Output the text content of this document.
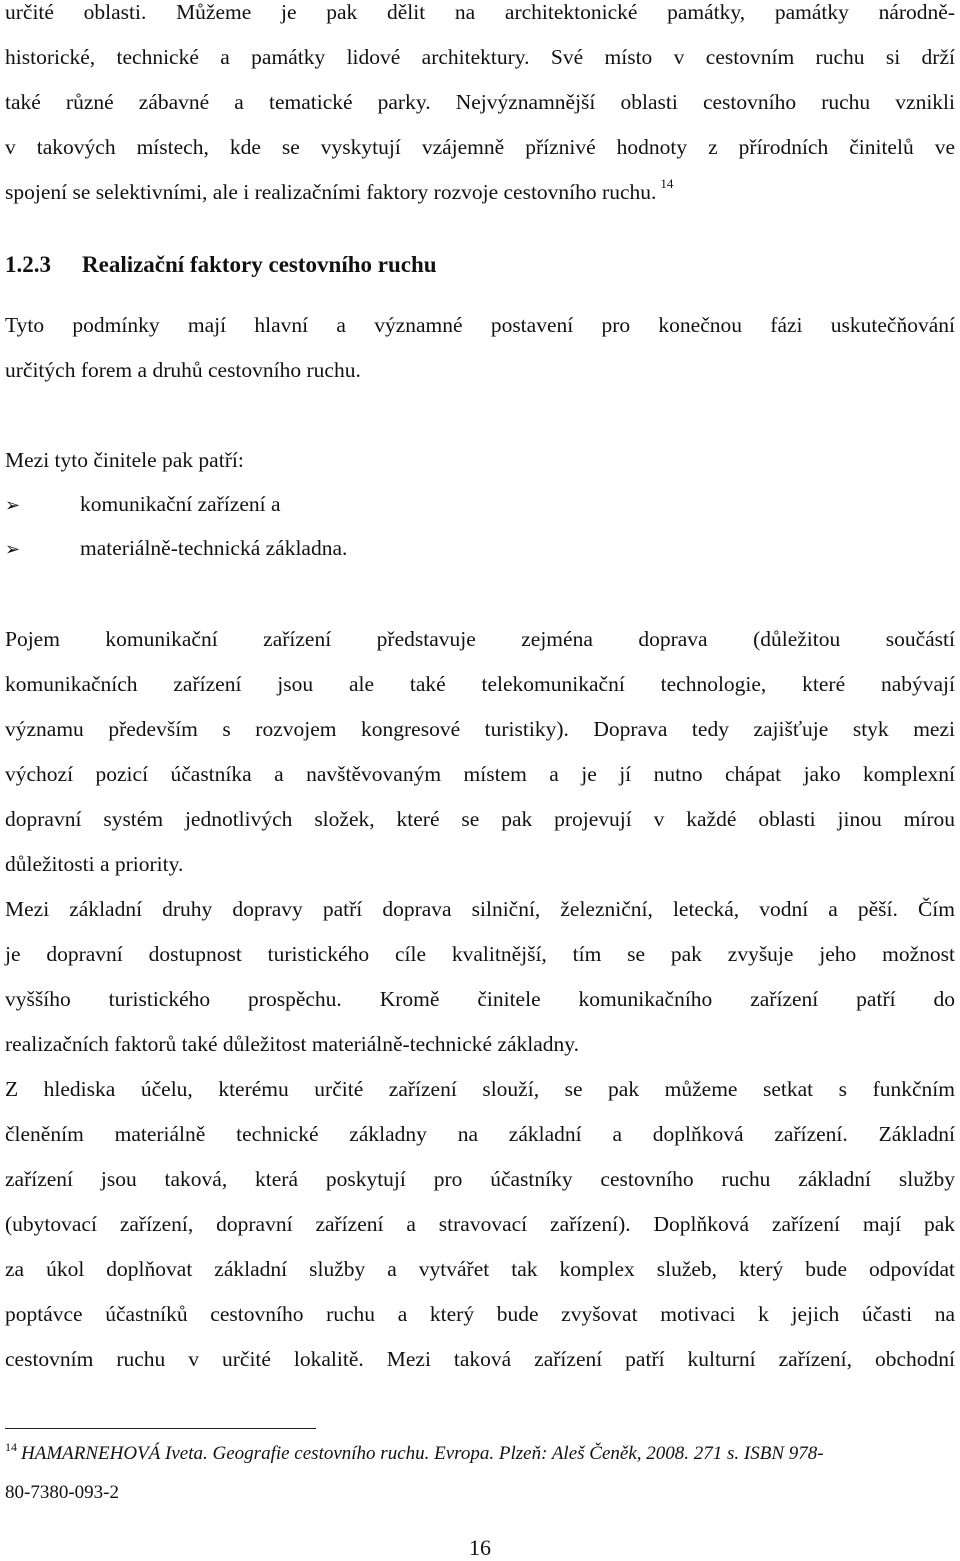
určité oblasti. Můžeme je pak dělit na architektonické památky, památky národně-
historické, technické a památky lidové architektury. Své místo v cestovním ruchu si drží
také různé zábavné a tematické parky. Nejvýznamnější oblasti cestovního ruchu vznikli
v takových místech, kde se vyskytují vzájemně příznivé hodnoty z přírodních činitelů ve
spojení se selektivními, ale i realizačními faktory rozvoje cestovního ruchu. $^{14}$
1.2.3 Realizační faktory cestovního ruchu
Tyto podmínky mají hlavní a významné postavení pro konečnou fázi uskutečňování
určitých forem a druhů cestovního ruchu.
Mezi tyto činitele pak patří:
➢	komunikační zařízení a
➢	materiálně-technická základna.
Pojem komunikační zařízení představuje zejména doprava (důležitou součástí
komunikačních zařízení jsou ale také telekomunikační technologie, které nabývají
významu především s rozvojem kongresové turistiky). Doprava tedy zajišťuje styk mezi
výchozí pozicí účastníka a navštěvovaným místem a je jí nutno chápat jako komplexní
dopravní systém jednotlivých složek, které se pak projevují v každé oblasti jinou mírou
důležitosti a priority.
Mezi základní druhy dopravy patří doprava silniční, železniční, letecká, vodní a pěší. Čím
je dopravní dostupnost turistického cíle kvalitnější, tím se pak zvyšuje jeho možnost
vyššího turistického prospěchu. Kromě činitele komunikačního zařízení patří do
realizačních faktorů také důležitost materiálně-technické základny.
Z hlediska účelu, kterému určité zařízení slouží, se pak můžeme setkat s funkčním
členěním materiálně technické základny na základní a doplňková zařízení. Základní
zařízení jsou taková, která poskytují pro účastníky cestovního ruchu základní služby
(ubytovací zařízení, dopravní zařízení a stravovací zařízení). Doplňková zařízení mají pak
za úkol doplňovat základní služby a vytvářet tak komplex služeb, který bude odpovídat
poptávce účastníků cestovního ruchu a který bude zvyšovat motivaci k jejich účasti na
cestovním ruchu v určité lokalitě. Mezi taková zařízení patří kulturní zařízení, obchodní
$^{14}$ HAMARNEHOVÁ Iveta. Geografie cestovního ruchu. Evropa. Plzeň: Aleš Čeněk, 2008. 271 s. ISBN 978-
80-7380-093-2
16
